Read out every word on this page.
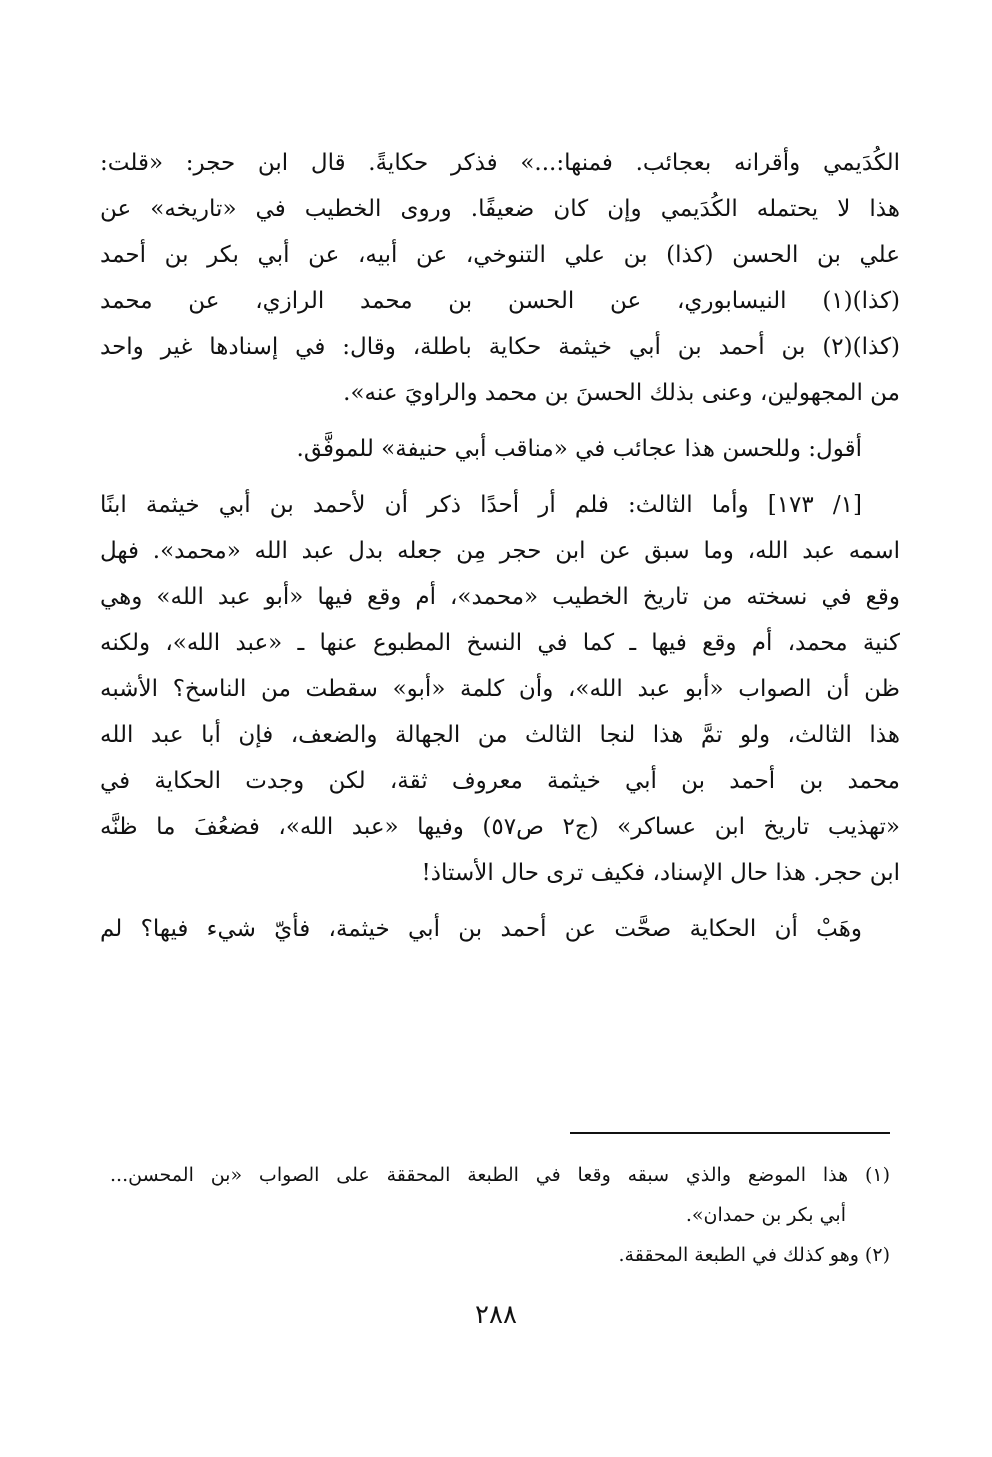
الكُدَيمي وأقرانه بعجائب. فمنها:...» فذكر حكايةً. قال ابن حجر: «قلت:
هذا لا يحتمله الكُدَيمي وإن كان ضعيفًا. وروى الخطيب في «تاريخه» عن
علي بن الحسن (كذا) بن علي التنوخي، عن أبيه، عن أبي بكر بن أحمد
(كذا)(١) النيسابوري، عن الحسن بن محمد الرازي، عن محمد
(كذا)(٢) بن أحمد بن أبي خيثمة حكاية باطلة، وقال: في إسنادها غير واحد
من المجهولين، وعنى بذلك الحسنَ بن محمد والراويَ عنه».
أقول: وللحسن هذا عجائب في «مناقب أبي حنيفة» للموفَّق.
[١/ ١٧٣] وأما الثالث: فلم أر أحدًا ذكر أن لأحمد بن أبي خيثمة ابنًا
اسمه عبد الله، وما سبق عن ابن حجر مِن جعله بدل عبد الله «محمد». فهل
وقع في نسخته من تاريخ الخطيب «محمد»، أم وقع فيها «أبو عبد الله» وهي
كنية محمد، أم وقع فيها ـ كما في النسخ المطبوع عنها ـ «عبد الله»، ولكنه
ظن أن الصواب «أبو عبد الله»، وأن كلمة «أبو» سقطت من الناسخ؟ الأشبه
هذا الثالث، ولو تمَّ هذا لنجا الثالث من الجهالة والضعف، فإن أبا عبد الله
محمد بن أحمد بن أبي خيثمة معروف ثقة، لكن وجدت الحكاية في
«تهذيب تاريخ ابن عساكر» (ج٢ ص٥٧) وفيها «عبد الله»، فضعُفَ ما ظنَّه
ابن حجر. هذا حال الإسناد، فكيف ترى حال الأستاذ!
وهَبْ أن الحكاية صحَّت عن أحمد بن أبي خيثمة، فأيّ شيء فيها؟ لم
(١) هذا الموضع والذي سبقه وقعا في الطبعة المحققة على الصواب «بن المحسن...
أبي بكر بن حمدان».
(٢) وهو كذلك في الطبعة المحققة.
٢٨٨
